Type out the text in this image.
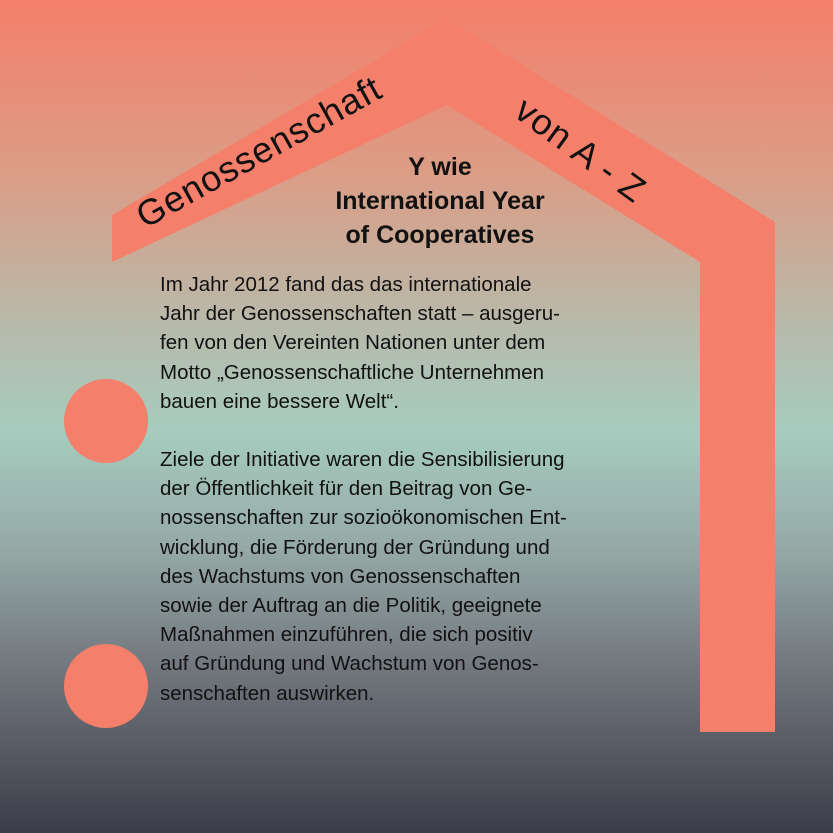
Genossenschaft	von A - Z
Y wie
International Year
of Cooperatives

Im Jahr 2012 fand das das internationale
Jahr der Genossenschaften statt – ausgeru-
fen von den Vereinten Nationen unter dem
Motto „Genossenschaftliche Unternehmen
bauen eine bessere Welt“.

Ziele der Initiative waren die Sensibilisierung
der Öffentlichkeit für den Beitrag von Ge-
nossenschaften zur sozioökonomischen Ent-
wicklung, die Förderung der Gründung und
des Wachstums von Genossenschaften
sowie der Auftrag an die Politik, geeignete
Maßnahmen einzuführen, die sich positiv
auf Gründung und Wachstum von Genos-
senschaften auswirken.
